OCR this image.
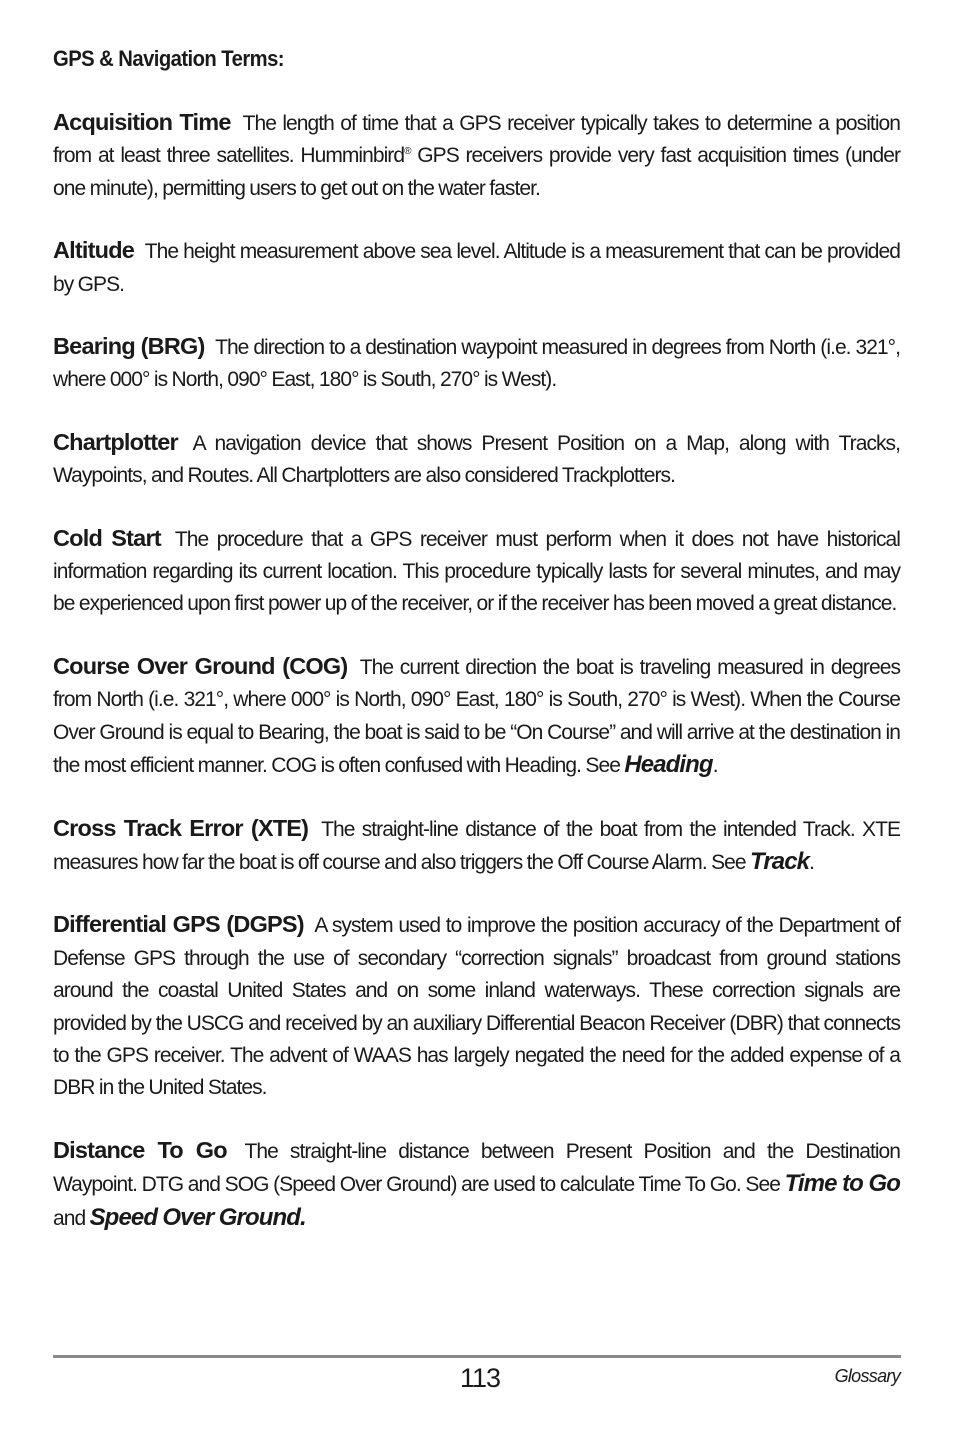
GPS & Navigation Terms:

Acquisition Time The length of time that a GPS receiver typically takes to determine a position from at least three satellites. Humminbird® GPS receivers provide very fast acquisition times (under one minute), permitting users to get out on the water faster.

Altitude The height measurement above sea level. Altitude is a measurement that can be provided by GPS.

Bearing (BRG) The direction to a destination waypoint measured in degrees from North (i.e. 321°, where 000° is North, 090° East, 180° is South, 270° is West).

Chartplotter A navigation device that shows Present Position on a Map, along with Tracks, Waypoints, and Routes. All Chartplotters are also considered Trackplotters.

Cold Start The procedure that a GPS receiver must perform when it does not have historical information regarding its current location. This procedure typically lasts for several minutes, and may be experienced upon first power up of the receiver, or if the receiver has been moved a great distance.

Course Over Ground (COG) The current direction the boat is traveling measured in degrees from North (i.e. 321°, where 000° is North, 090° East, 180° is South, 270° is West). When the Course Over Ground is equal to Bearing, the boat is said to be “On Course” and will arrive at the destination in the most efficient manner. COG is often confused with Heading. See Heading.

Cross Track Error (XTE) The straight-line distance of the boat from the intended Track. XTE measures how far the boat is off course and also triggers the Off Course Alarm. See Track.

Differential GPS (DGPS) A system used to improve the position accuracy of the Department of Defense GPS through the use of secondary “correction signals” broadcast from ground stations around the coastal United States and on some inland waterways. These correction signals are provided by the USCG and received by an auxiliary Differential Beacon Receiver (DBR) that connects to the GPS receiver. The advent of WAAS has largely negated the need for the added expense of a DBR in the United States.

Distance To Go The straight-line distance between Present Position and the Destination Waypoint. DTG and SOG (Speed Over Ground) are used to calculate Time To Go. See Time to Go and Speed Over Ground.

113	Glossary
